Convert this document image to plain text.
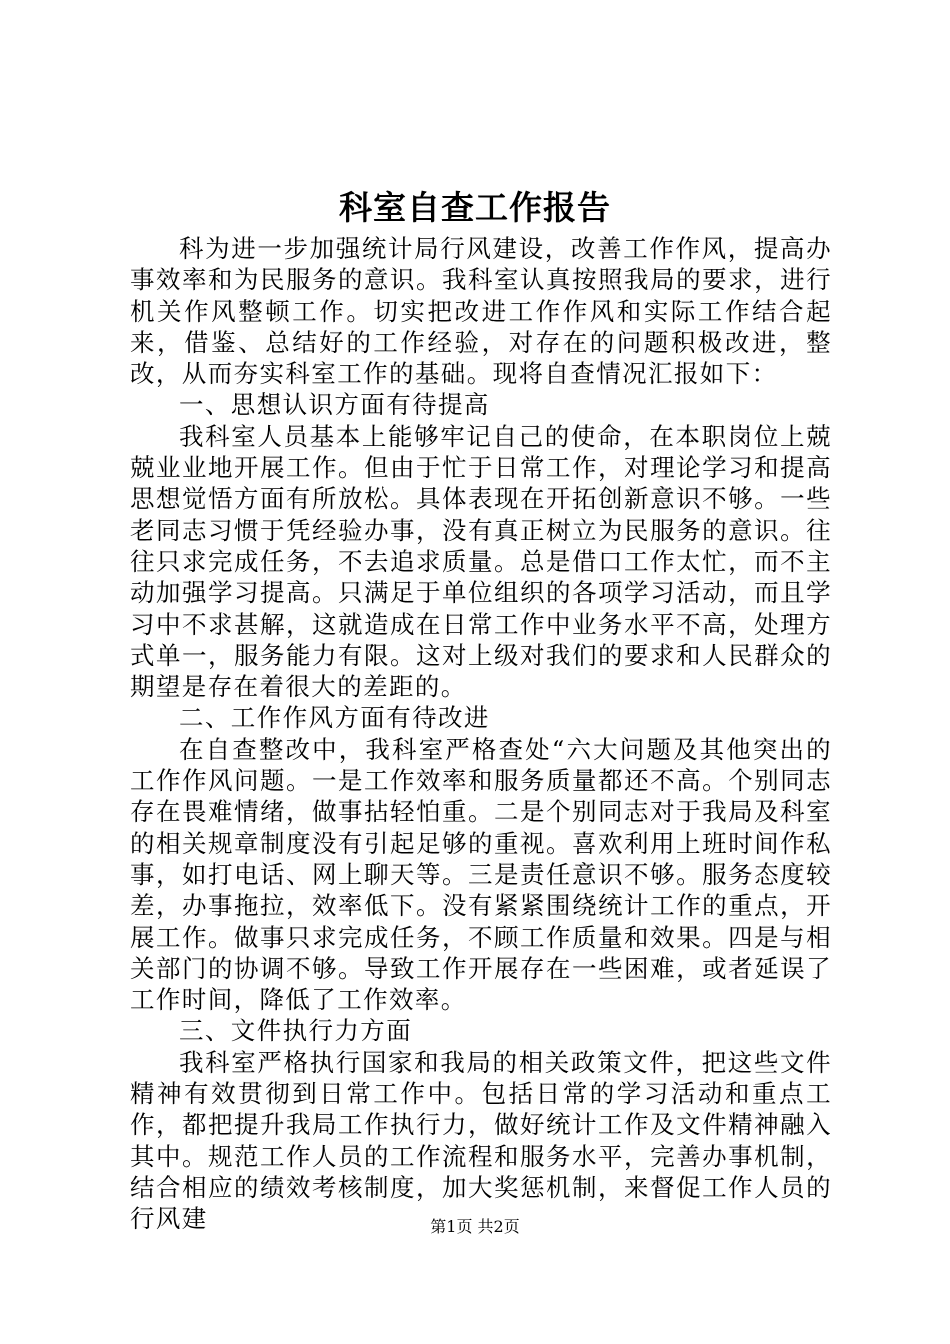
科室自查工作报告

科为进一步加强统计局行风建设，改善工作作风，提高办事效率和为民服务的意识。我科室认真按照我局的要求，进行机关作风整顿工作。切实把改进工作作风和实际工作结合起来，借鉴、总结好的工作经验，对存在的问题积极改进，整改，从而夯实科室工作的基础。现将自查情况汇报如下：

一、思想认识方面有待提高

我科室人员基本上能够牢记自己的使命，在本职岗位上兢兢业业地开展工作。但由于忙于日常工作，对理论学习和提高思想觉悟方面有所放松。具体表现在开拓创新意识不够。一些老同志习惯于凭经验办事，没有真正树立为民服务的意识。往往只求完成任务，不去追求质量。总是借口工作太忙，而不主动加强学习提高。只满足于单位组织的各项学习活动，而且学习中不求甚解，这就造成在日常工作中业务水平不高，处理方式单一，服务能力有限。这对上级对我们的要求和人民群众的期望是存在着很大的差距的。

二、工作作风方面有待改进

在自查整改中，我科室严格查处“六大问题及其他突出的工作作风问题。一是工作效率和服务质量都还不高。个别同志存在畏难情绪，做事拈轻怕重。二是个别同志对于我局及科室的相关规章制度没有引起足够的重视。喜欢利用上班时间作私事，如打电话、网上聊天等。三是责任意识不够。服务态度较差，办事拖拉，效率低下。没有紧紧围绕统计工作的重点，开展工作。做事只求完成任务，不顾工作质量和效果。四是与相关部门的协调不够。导致工作开展存在一些困难，或者延误了工作时间，降低了工作效率。

三、文件执行力方面

我科室严格执行国家和我局的相关政策文件，把这些文件精神有效贯彻到日常工作中。包括日常的学习活动和重点工作，都把提升我局工作执行力，做好统计工作及文件精神融入其中。规范工作人员的工作流程和服务水平，完善办事机制，结合相应的绩效考核制度，加大奖惩机制，来督促工作人员的行风建	第1页 共2页
